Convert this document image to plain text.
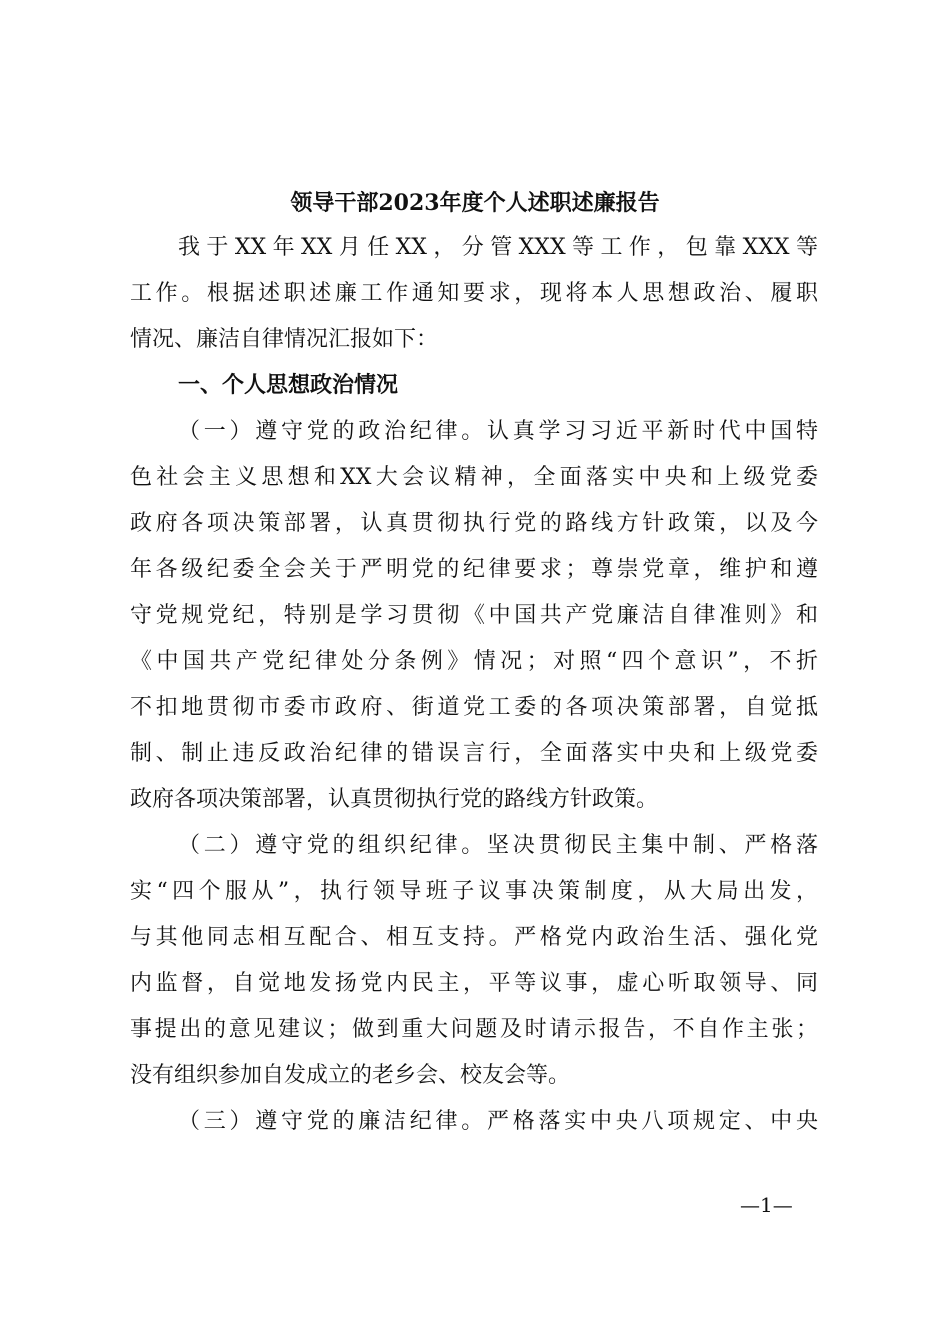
领导干部2023年度个人述职述廉报告
我于XX年XX月任XX，分管XXX等工作，包靠XXX等
工作。根据述职述廉工作通知要求，现将本人思想政治、履职
情况、廉洁自律情况汇报如下：
一、个人思想政治情况
（一）遵守党的政治纪律。认真学习习近平新时代中国特
色社会主义思想和XX大会议精神，全面落实中央和上级党委
政府各项决策部署，认真贯彻执行党的路线方针政策，以及今
年各级纪委全会关于严明党的纪律要求；尊崇党章，维护和遵
守党规党纪，特别是学习贯彻《中国共产党廉洁自律准则》和
《中国共产党纪律处分条例》情况；对照“四个意识”，不折
不扣地贯彻市委市政府、街道党工委的各项决策部署，自觉抵
制、制止违反政治纪律的错误言行，全面落实中央和上级党委
政府各项决策部署，认真贯彻执行党的路线方针政策。
（二）遵守党的组织纪律。坚决贯彻民主集中制、严格落
实“四个服从”，执行领导班子议事决策制度，从大局出发，
与其他同志相互配合、相互支持。严格党内政治生活、强化党
内监督，自觉地发扬党内民主，平等议事，虚心听取领导、同
事提出的意见建议；做到重大问题及时请示报告，不自作主张；
没有组织参加自发成立的老乡会、校友会等。
（三）遵守党的廉洁纪律。严格落实中央八项规定、中央
—1—
